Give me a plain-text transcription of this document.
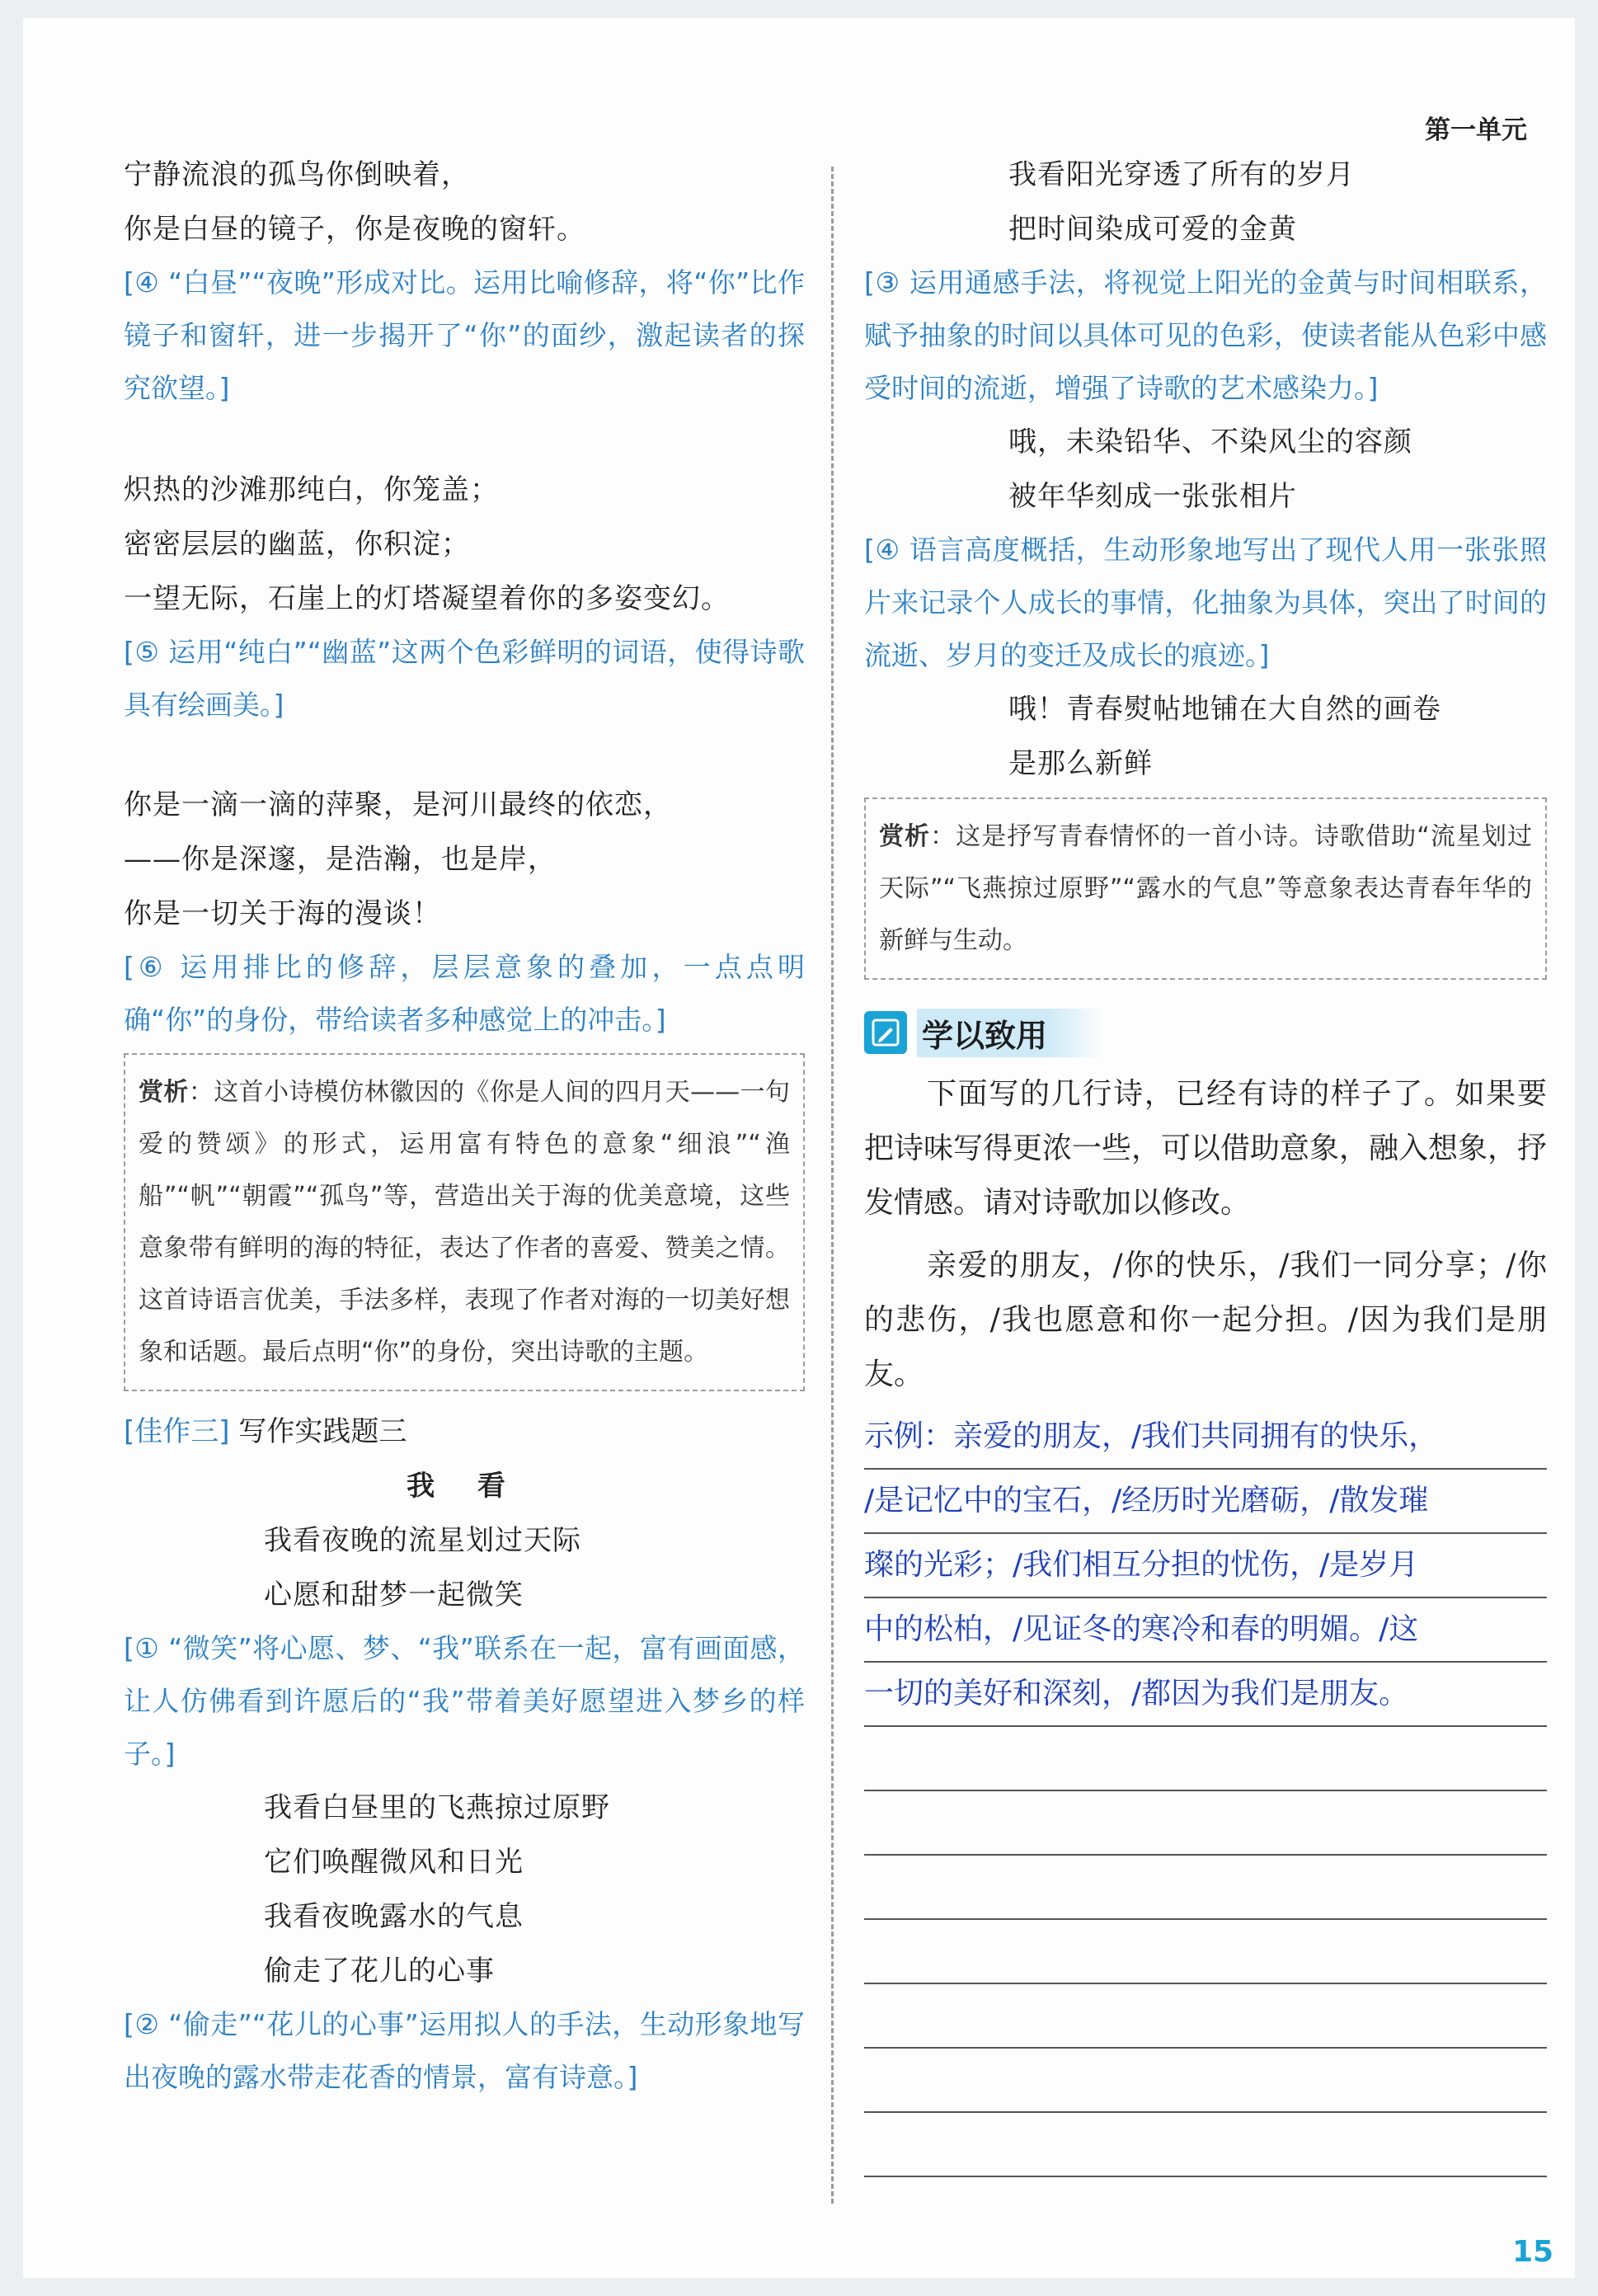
第一单元
宁静流浪的孤鸟你倒映着，
你是白昼的镜子，你是夜晚的窗轩。
[④ “白昼”“夜晚”形成对比。运用比喻修辞，将“你”比作镜子和窗轩，进一步揭开了“你”的面纱，激起读者的探究欲望。]
炽热的沙滩那纯白，你笼盖；
密密层层的幽蓝，你积淀；
一望无际，石崖上的灯塔凝望着你的多姿变幻。
[⑤ 运用“纯白”“幽蓝”这两个色彩鲜明的词语，使得诗歌具有绘画美。]
你是一滴一滴的萍聚，是河川最终的依恋，
——你是深邃，是浩瀚，也是岸，
你是一切关于海的漫谈！
[⑥ 运用排比的修辞，层层意象的叠加，一点点明确“你”的身份，带给读者多种感觉上的冲击。]
赏析：这首小诗模仿林徽因的《你是人间的四月天——一句爱的赞颂》的形式，运用富有特色的意象“细浪”“渔船”“帆”“朝霞”“孤鸟”等，营造出关于海的优美意境，这些意象带有鲜明的海的特征，表达了作者的喜爱、赞美之情。这首诗语言优美，手法多样，表现了作者对海的一切美好想象和话题。最后点明“你”的身份，突出诗歌的主题。
[佳作三] 写作实践题三
我 看
我看夜晚的流星划过天际
心愿和甜梦一起微笑
[① “微笑”将心愿、梦、“我”联系在一起，富有画面感，让人仿佛看到许愿后的“我”带着美好愿望进入梦乡的样子。]
我看白昼里的飞燕掠过原野
它们唤醒微风和日光
我看夜晚露水的气息
偷走了花儿的心事
[② “偷走”“花儿的心事”运用拟人的手法，生动形象地写出夜晚的露水带走花香的情景，富有诗意。]
我看阳光穿透了所有的岁月
把时间染成可爱的金黄
[③ 运用通感手法，将视觉上阳光的金黄与时间相联系，赋予抽象的时间以具体可见的色彩，使读者能从色彩中感受时间的流逝，增强了诗歌的艺术感染力。]
哦，未染铅华、不染风尘的容颜
被年华刻成一张张相片
[④ 语言高度概括，生动形象地写出了现代人用一张张照片来记录个人成长的事情，化抽象为具体，突出了时间的流逝、岁月的变迁及成长的痕迹。]
哦！青春熨帖地铺在大自然的画卷
是那么新鲜
赏析：这是抒写青春情怀的一首小诗。诗歌借助“流星划过天际”“飞燕掠过原野”“露水的气息”等意象表达青春年华的新鲜与生动。
学以致用
下面写的几行诗，已经有诗的样子了。如果要把诗味写得更浓一些，可以借助意象，融入想象，抒发情感。请对诗歌加以修改。
亲爱的朋友，/你的快乐，/我们一同分享；/你的悲伤，/我也愿意和你一起分担。/因为我们是朋友。
示例：亲爱的朋友，/我们共同拥有的快乐，
/是记忆中的宝石，/经历时光磨砺，/散发璀
璨的光彩；/我们相互分担的忧伤，/是岁月
中的松柏，/见证冬的寒冷和春的明媚。/这
一切的美好和深刻，/都因为我们是朋友。
15
